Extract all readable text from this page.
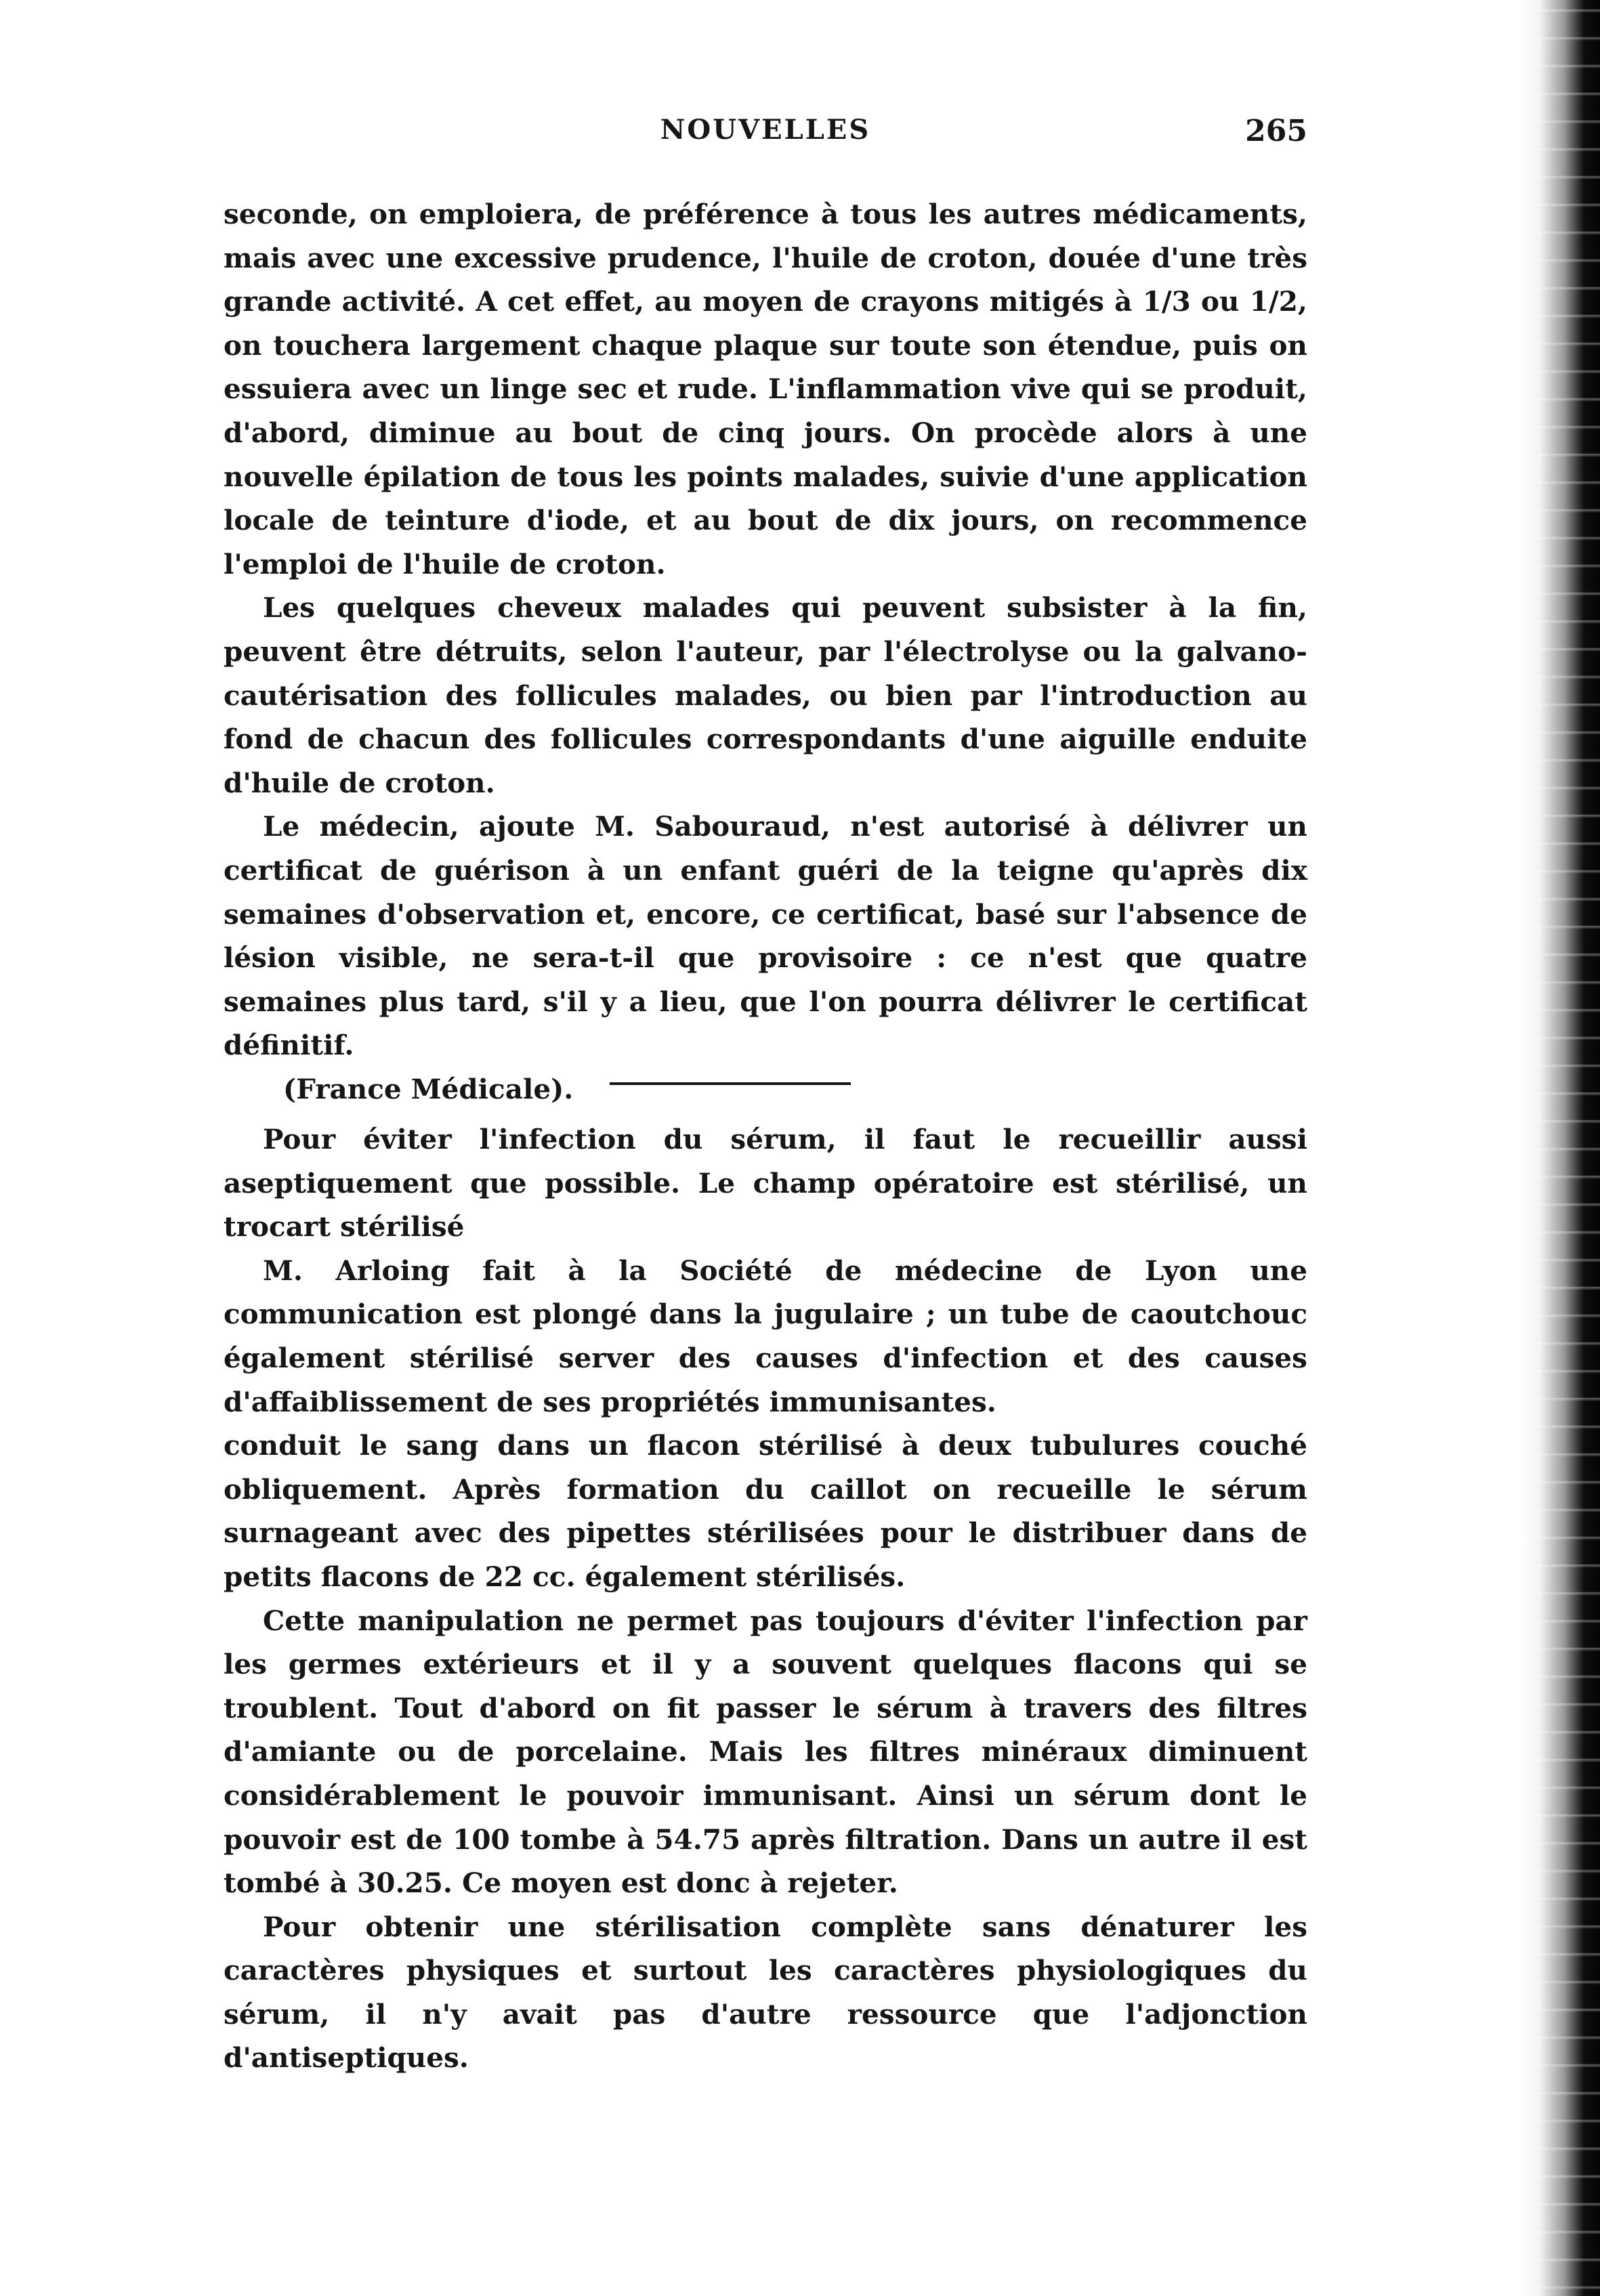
NOUVELLES	265

seconde, on emploiera, de préférence à tous les autres médicaments, mais avec une excessive prudence, l'huile de croton, douée d'une très grande activité. A cet effet, au moyen de crayons mitigés à 1/3 ou 1/2, on touchera largement chaque plaque sur toute son étendue, puis on essuiera avec un linge sec et rude. L'inflammation vive qui se produit, d'abord, diminue au bout de cinq jours. On procède alors à une nouvelle épilation de tous les points malades, suivie d'une application locale de teinture d'iode, et au bout de dix jours, on recommence l'emploi de l'huile de croton.

Les quelques cheveux malades qui peuvent subsister à la fin, peuvent être détruits, selon l'auteur, par l'électrolyse ou la galvano-cautérisation des follicules malades, ou bien par l'introduction au fond de chacun des follicules correspondants d'une aiguille enduite d'huile de croton.

Le médecin, ajoute M. Sabouraud, n'est autorisé à délivrer un certificat de guérison à un enfant guéri de la teigne qu'après dix semaines d'observation et, encore, ce certificat, basé sur l'absence de lésion visible, ne sera-t-il que provisoire : ce n'est que quatre semaines plus tard, s'il y a lieu, que l'on pourra délivrer le certificat définitif.

(France Médicale).

Pour éviter l'infection du sérum, il faut le recueillir aussi aseptiquement que possible. Le champ opératoire est stérilisé, un trocart stérilisé

M. Arloing fait à la Société de médecine de Lyon une communication est plongé dans la jugulaire ; un tube de caoutchouc également stérilisé server des causes d'infection et des causes d'affaiblissement de ses propriétés immunisantes.

conduit le sang dans un flacon stérilisé à deux tubulures couché obliquement. Après formation du caillot on recueille le sérum surnageant avec des pipettes stérilisées pour le distribuer dans de petits flacons de 22 cc. également stérilisés.

Cette manipulation ne permet pas toujours d'éviter l'infection par les germes extérieurs et il y a souvent quelques flacons qui se troublent. Tout d'abord on fit passer le sérum à travers des filtres d'amiante ou de porcelaine. Mais les filtres minéraux diminuent considérablement le pouvoir immunisant. Ainsi un sérum dont le pouvoir est de 100 tombe à 54.75 après filtration. Dans un autre il est tombé à 30.25. Ce moyen est donc à rejeter.

Pour obtenir une stérilisation complète sans dénaturer les caractères physiques et surtout les caractères physiologiques du sérum, il n'y avait pas d'autre ressource que l'adjonction d'antiseptiques.
